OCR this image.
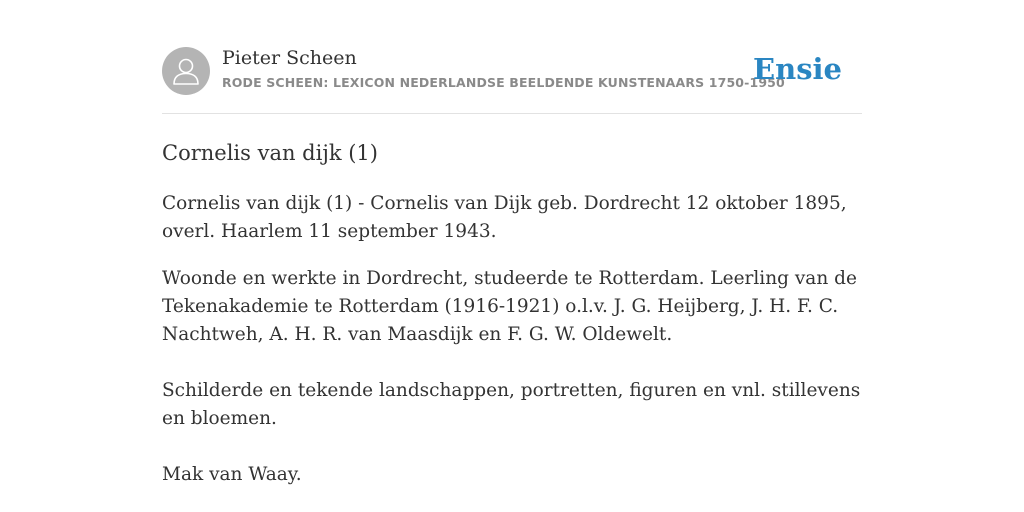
Pieter Scheen
RODE SCHEEN: LEXICON NEDERLANDSE BEELDENDE KUNSTENAARS 1750-1950
Ensie
Cornelis van dijk (1)

Cornelis van dijk (1) - Cornelis van Dijk geb. Dordrecht 12 oktober 1895, overl. Haarlem 11 september 1943.

Woonde en werkte in Dordrecht, studeerde te Rotterdam. Leerling van de Tekenakademie te Rotterdam (1916-1921) o.l.v. J. G. Heijberg, J. H. F. C. Nachtweh, A. H. R. van Maasdijk en F. G. W. Oldewelt.

Schilderde en tekende landschappen, portretten, figuren en vnl. stillevens en bloemen.

Mak van Waay.
